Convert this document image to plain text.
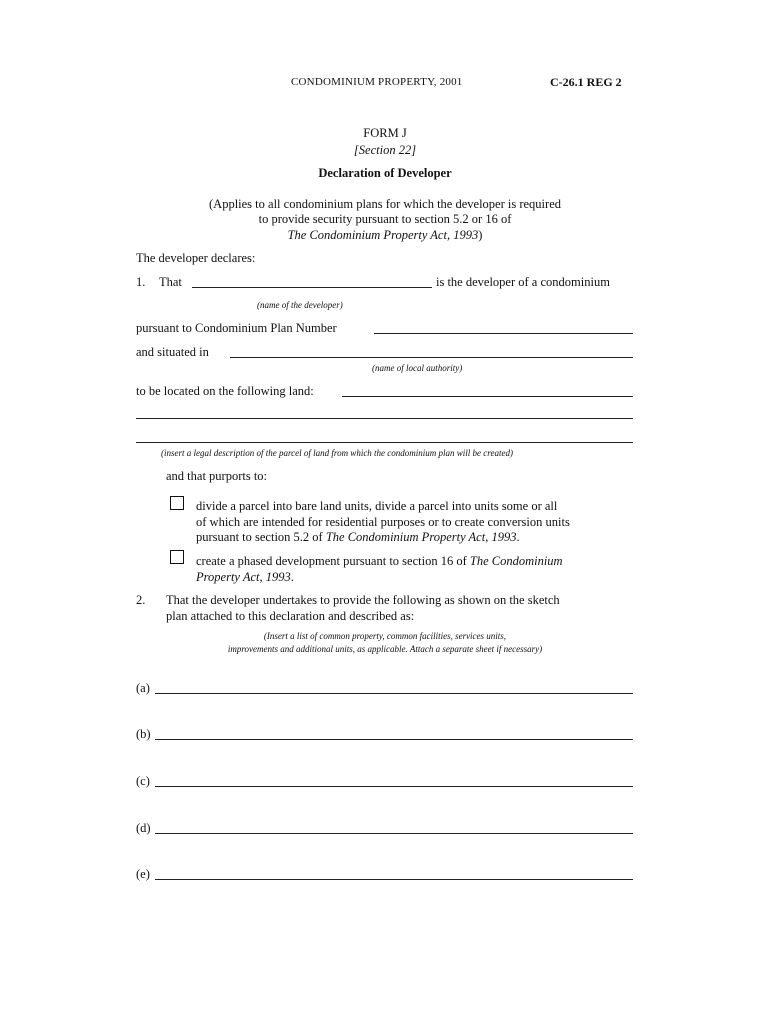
CONDOMINIUM PROPERTY, 2001	C-26.1 REG 2
FORM J
[Section 22]
Declaration of Developer
(Applies to all condominium plans for which the developer is required
to provide security pursuant to section 5.2 or 16 of
The Condominium Property Act, 1993)
The developer declares:
1. That	is the developer of a condominium
(name of the developer)
pursuant to Condominium Plan Number
and situated in
(name of local authority)
to be located on the following land:
(insert a legal description of the parcel of land from which the condominium plan will be created)
and that purports to:
divide a parcel into bare land units, divide a parcel into units some or all
of which are intended for residential purposes or to create conversion units
pursuant to section 5.2 of The Condominium Property Act, 1993.
create a phased development pursuant to section 16 of The Condominium
Property Act, 1993.
2. That the developer undertakes to provide the following as shown on the sketch
plan attached to this declaration and described as:
(Insert a list of common property, common facilities, services units,
improvements and additional units, as applicable. Attach a separate sheet if necessary)
(a)
(b)
(c)
(d)
(e)
